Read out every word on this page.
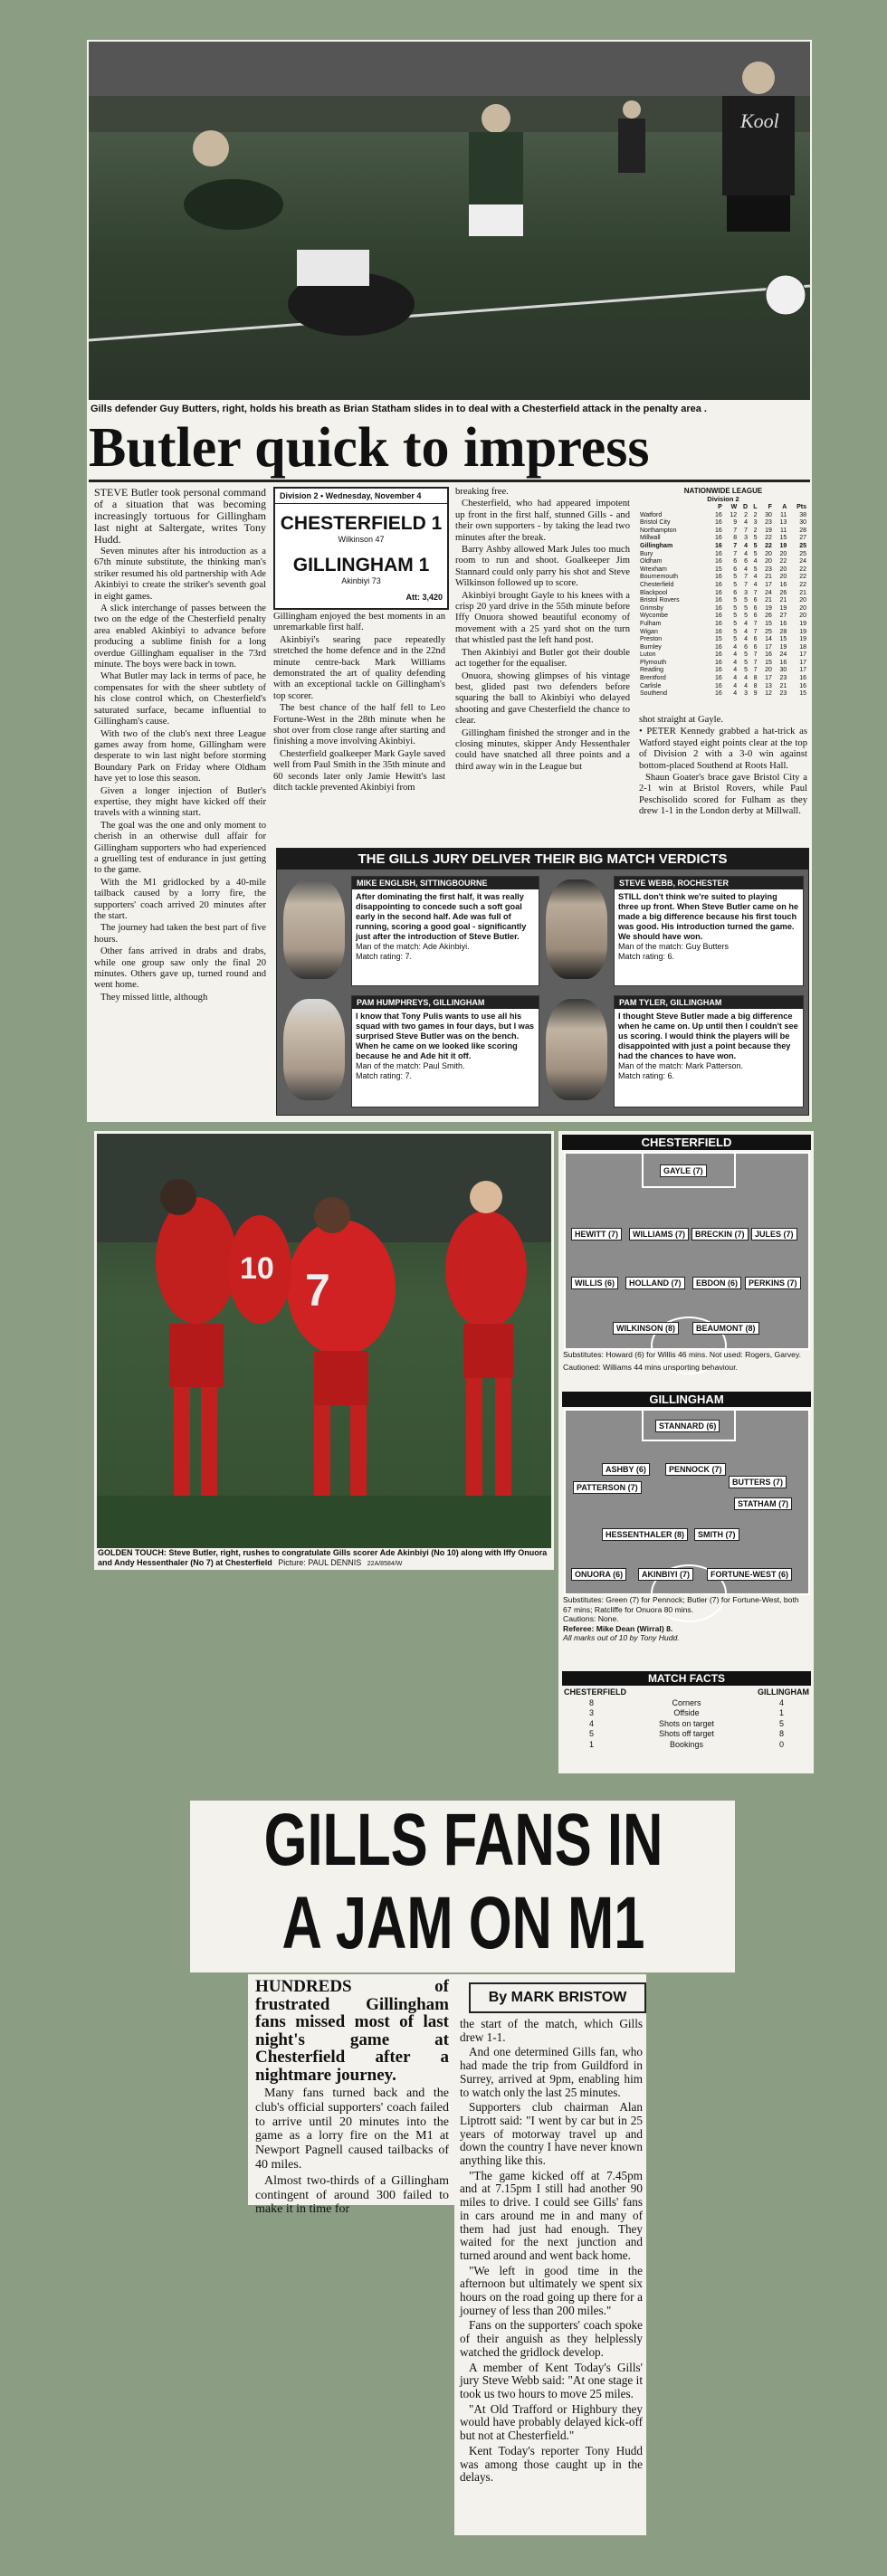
Kool
Gills defender Guy Butters, right, holds his breath as Brian Statham slides in to deal with a Chesterfield attack in the penalty area .
Butler quick to impress

STEVE Butler took personal command of a situation that was becoming increasingly tortuous for Gillingham last night at Saltergate, writes Tony Hudd.

Seven minutes after his introduction as a 67th minute substitute, the thinking man's striker resumed his old partnership with Ade Akinbiyi to create the striker's seventh goal in eight games.

A slick interchange of passes between the two on the edge of the Chesterfield penalty area enabled Akinbiyi to advance before producing a sublime finish for a long overdue Gillingham equaliser in the 73rd minute. The boys were back in town.

What Butler may lack in terms of pace, he compensates for with the sheer subtlety of his close control which, on Chesterfield's saturated surface, became influential to Gillingham's cause.

With two of the club's next three League games away from home, Gillingham were desperate to win last night before storming Boundary Park on Friday where Oldham have yet to lose this season.

Given a longer injection of Butler's expertise, they might have kicked off their travels with a winning start.

The goal was the one and only moment to cherish in an otherwise dull affair for Gillingham supporters who had experienced a gruelling test of endurance in just getting to the game.

With the M1 gridlocked by a 40-mile tailback caused by a lorry fire, the supporters' coach arrived 20 minutes after the start.

The journey had taken the best part of five hours.

Other fans arrived in drabs and drabs, while one group saw only the final 20 minutes. Others gave up, turned round and went home.

They missed little, although

Division 2 • Wednesday, November 4
CHESTERFIELD 1
Wilkinson 47
GILLINGHAM 1
Akinbiyi 73
Att: 3,420

Gillingham enjoyed the best moments in an unremarkable first half.

Akinbiyi's searing pace repeatedly stretched the home defence and in the 22nd minute centre-back Mark Williams demonstrated the art of quality defending with an exceptional tackle on Gillingham's top scorer.

The best chance of the half fell to Leo Fortune-West in the 28th minute when he shot over from close range after starting and finishing a move involving Akinbiyi.

Chesterfield goalkeeper Mark Gayle saved well from Paul Smith in the 35th minute and 60 seconds later only Jamie Hewitt's last ditch tackle prevented Akinbiyi from

breaking free.

Chesterfield, who had appeared impotent up front in the first half, stunned Gills - and their own supporters - by taking the lead two minutes after the break.

Barry Ashby allowed Mark Jules too much room to run and shoot. Goalkeeper Jim Stannard could only parry his shot and Steve Wilkinson followed up to score.

Akinbiyi brought Gayle to his knees with a crisp 20 yard drive in the 55th minute before Iffy Onuora showed beautiful economy of movement with a 25 yard shot on the turn that whistled past the left hand post.

Then Akinbiyi and Butler got their double act together for the equaliser.

Onuora, showing glimpses of his vintage best, glided past two defenders before squaring the ball to Akinbiyi who delayed shooting and gave Chesterfield the chance to clear.

Gillingham finished the stronger and in the closing minutes, skipper Andy Hessenthaler could have snatched all three points and a third away win in the League but

NATIONWIDE LEAGUE
Division 2
	P	W	D	L	F	A	Pts
Watford	16	12	2	2	30	11	38
Bristol City	16	9	4	3	23	13	30
Northampton	16	7	7	2	19	11	28
Millwall	16	8	3	5	22	15	27
Gillingham	16	7	4	5	22	19	25
Bury	16	7	4	5	20	20	25
Oldham	16	6	6	4	20	22	24
Wrexham	15	6	4	5	23	20	22
Bournemouth	16	5	7	4	21	20	22
Chesterfield	16	5	7	4	17	16	22
Blackpool	16	6	3	7	24	26	21
Bristol Rovers	16	5	5	6	21	21	20
Grimsby	16	5	5	6	19	19	20
Wycombe	16	5	5	6	26	27	20
Fulham	16	5	4	7	15	16	19
Wigan	16	5	4	7	25	28	19
Preston	15	5	4	6	14	15	19
Burnley	16	4	6	6	17	19	18
Luton	16	4	5	7	16	24	17
Plymouth	16	4	5	7	15	16	17
Reading	16	4	5	7	20	30	17
Brentford	16	4	4	8	17	23	16
Carlisle	16	4	4	8	13	21	16
Southend	16	4	3	9	12	23	15

shot straight at Gayle.

• PETER Kennedy grabbed a hat-trick as Watford stayed eight points clear at the top of Division 2 with a 3-0 win against bottom-placed Southend at Roots Hall.

Shaun Goater's brace gave Bristol City a 2-1 win at Bristol Rovers, while Paul Peschisolido scored for Fulham as they drew 1-1 in the London derby at Millwall.

THE GILLS JURY DELIVER THEIR BIG MATCH VERDICTS
MIKE ENGLISH, SITTINGBOURNE
After dominating the first half, it was really disappointing to concede such a soft goal early in the second half. Ade was full of running, scoring a good goal - significantly just after the introduction of Steve Butler.
Man of the match: Ade Akinbiyi.
Match rating: 7.
STEVE WEBB, ROCHESTER
STILL don't think we're suited to playing three up front. When Steve Butler came on he made a big difference because his first touch was good. His introduction turned the game. We should have won.
Man of the match: Guy Butters
Match rating: 6.
PAM HUMPHREYS, GILLINGHAM
I know that Tony Pulis wants to use all his squad with two games in four days, but I was surprised Steve Butler was on the bench. When he came on we looked like scoring because he and Ade hit it off.
Man of the match: Paul Smith.
Match rating: 7.
PAM TYLER, GILLINGHAM
I thought Steve Butler made a big difference when he came on. Up until then I couldn't see us scoring. I would think the players will be disappointed with just a point because they had the chances to have won.
Man of the match: Mark Patterson.
Match rating: 6.
7
10
GOLDEN TOUCH: Steve Butler, right, rushes to congratulate Gills scorer Ade Akinbiyi (No 10) along with Iffy Onuora and Andy Hessenthaler (No 7) at Chesterfield Picture: PAUL DENNIS 22A/8584/W
CHESTERFIELD
GAYLE (7)
HEWITT (7)	WILLIAMS (7)	BRECKIN (7)	JULES (7)
WILLIS (6)	HOLLAND (7)	EBDON (6)	PERKINS (7)
WILKINSON (8)	BEAUMONT (8)
Substitutes: Howard (6) for Willis 46 mins. Not used: Rogers, Garvey.
Cautioned: Williams 44 mins unsporting behaviour.
GILLINGHAM
STANNARD (6)
ASHBY (6)	PENNOCK (7)
PATTERSON (7)
BUTTERS (7)
STATHAM (7)
HESSENTHALER (8)	SMITH (7)
ONUORA (6)	AKINBIYI (7)	FORTUNE-WEST (6)
Substitutes: Green (7) for Pennock; Butler (7) for Fortune-West, both 67 mins; Ratcliffe for Onuora 80 mins.
Cautions: None.
Referee: Mike Dean (Wirral) 8.
All marks out of 10 by Tony Hudd.
MATCH FACTS
CHESTERFIELD		GILLINGHAM
8	Corners	4
3	Offside	1
4	Shots on target	5
5	Shots off target	8
1	Bookings	0
GILLS FANS IN
A JAM ON M1
HUNDREDS of frustrated Gillingham fans missed most of last night's game at Chesterfield after a nightmare journey.

Many fans turned back and the club's official supporters' coach failed to arrive until 20 minutes into the game as a lorry fire on the M1 at Newport Pagnell caused tailbacks of 40 miles.

Almost two-thirds of a Gillingham contingent of around 300 failed to make it in time for

By MARK BRISTOW

the start of the match, which Gills drew 1-1.

And one determined Gills fan, who had made the trip from Guildford in Surrey, arrived at 9pm, enabling him to watch only the last 25 minutes.

Supporters club chairman Alan Liptrott said: "I went by car but in 25 years of motorway travel up and down the country I have never known anything like this.

"The game kicked off at 7.45pm and at 7.15pm I still had another 90 miles to drive. I could see Gills' fans in cars around me in and many of them had just had enough. They waited for the next junction and turned around and went back home.

"We left in good time in the afternoon but ultimately we spent six hours on the road going up there for a journey of less than 200 miles."

Fans on the supporters' coach spoke of their anguish as they helplessly watched the gridlock develop.

A member of Kent Today's Gills' jury Steve Webb said: "At one stage it took us two hours to move 25 miles.

"At Old Trafford or Highbury they would have probably delayed kick-off but not at Chesterfield."

Kent Today's reporter Tony Hudd was among those caught up in the delays.
